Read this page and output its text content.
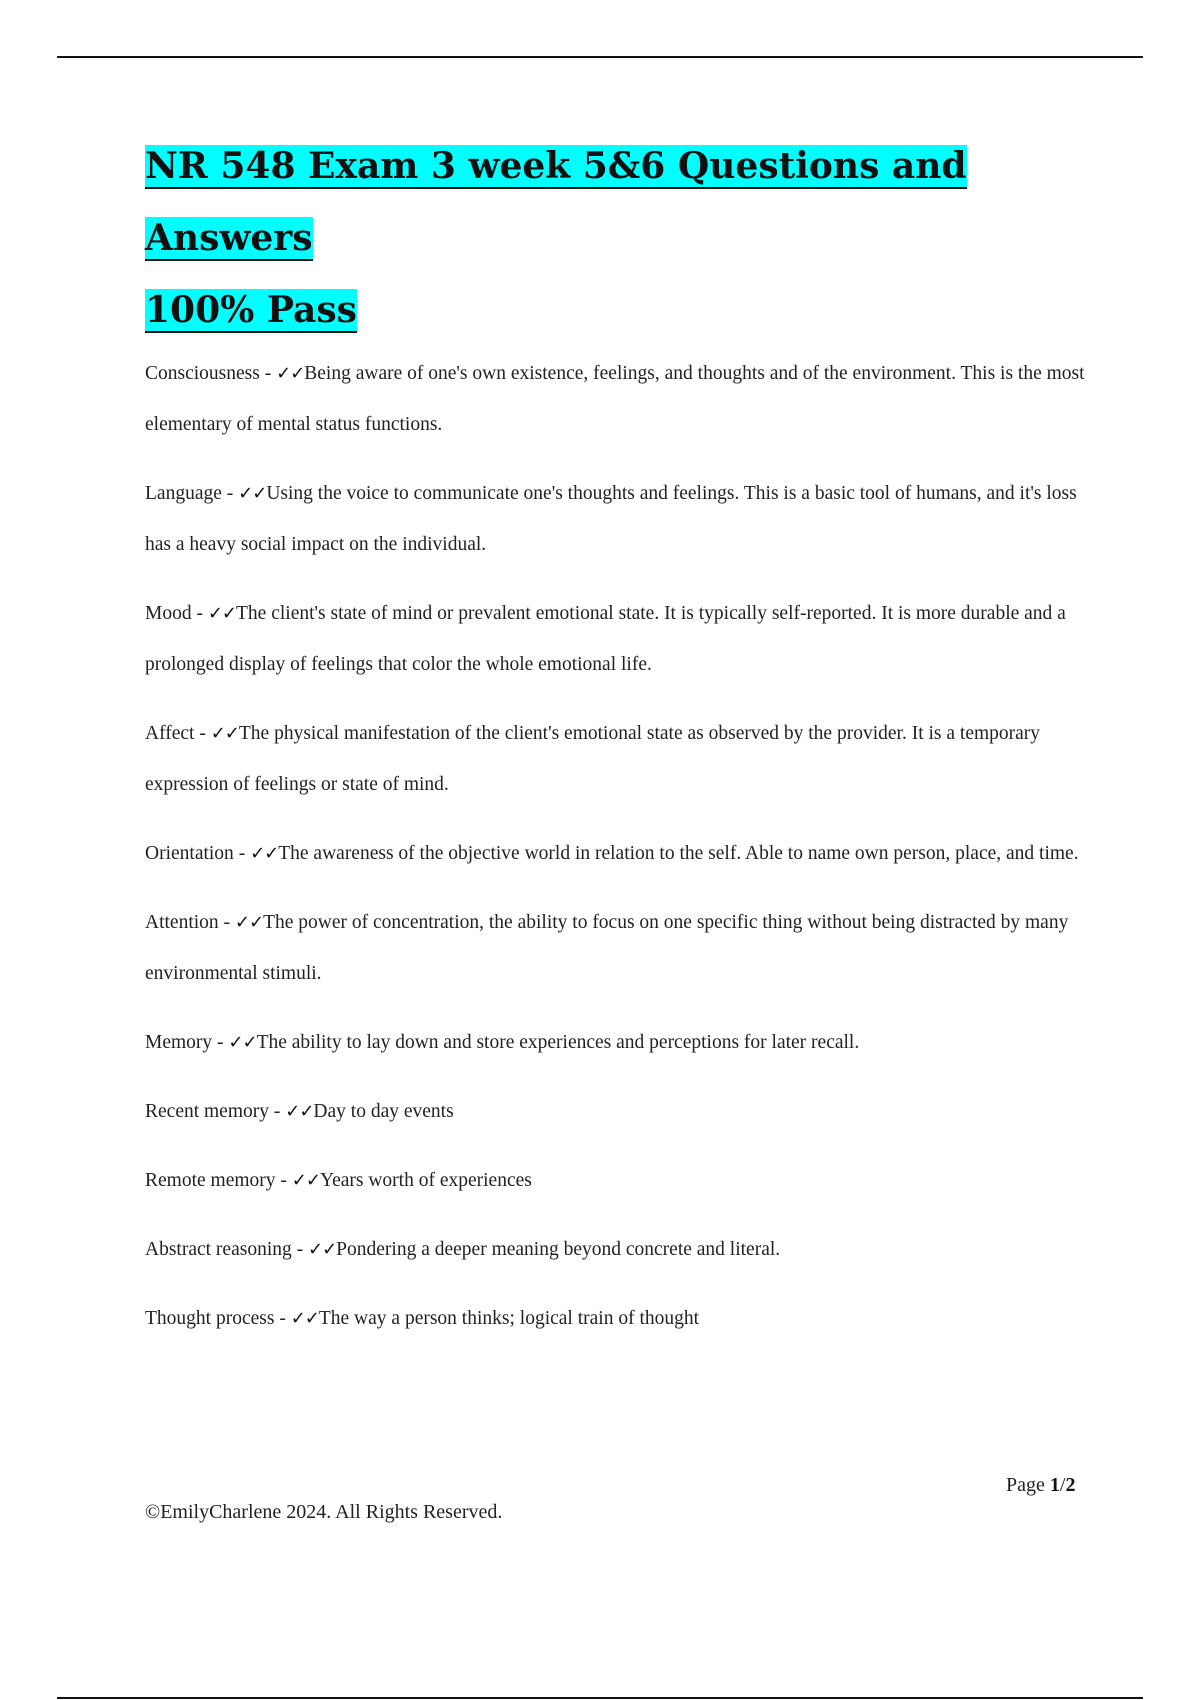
NR 548 Exam 3 week 5&6 Questions and Answers
100% Pass

Consciousness - ✓✓Being aware of one's own existence, feelings, and thoughts and of the environment. This is the most elementary of mental status functions.

Language - ✓✓Using the voice to communicate one's thoughts and feelings. This is a basic tool of humans, and it's loss has a heavy social impact on the individual.

Mood - ✓✓The client's state of mind or prevalent emotional state. It is typically self-reported. It is more durable and a prolonged display of feelings that color the whole emotional life.

Affect - ✓✓The physical manifestation of the client's emotional state as observed by the provider. It is a temporary expression of feelings or state of mind.

Orientation - ✓✓The awareness of the objective world in relation to the self. Able to name own person, place, and time.

Attention - ✓✓The power of concentration, the ability to focus on one specific thing without being distracted by many environmental stimuli.

Memory - ✓✓The ability to lay down and store experiences and perceptions for later recall.

Recent memory - ✓✓Day to day events

Remote memory - ✓✓Years worth of experiences

Abstract reasoning - ✓✓Pondering a deeper meaning beyond concrete and literal.

Thought process - ✓✓The way a person thinks; logical train of thought

Page 1/2
©EmilyCharlene 2024. All Rights Reserved.
